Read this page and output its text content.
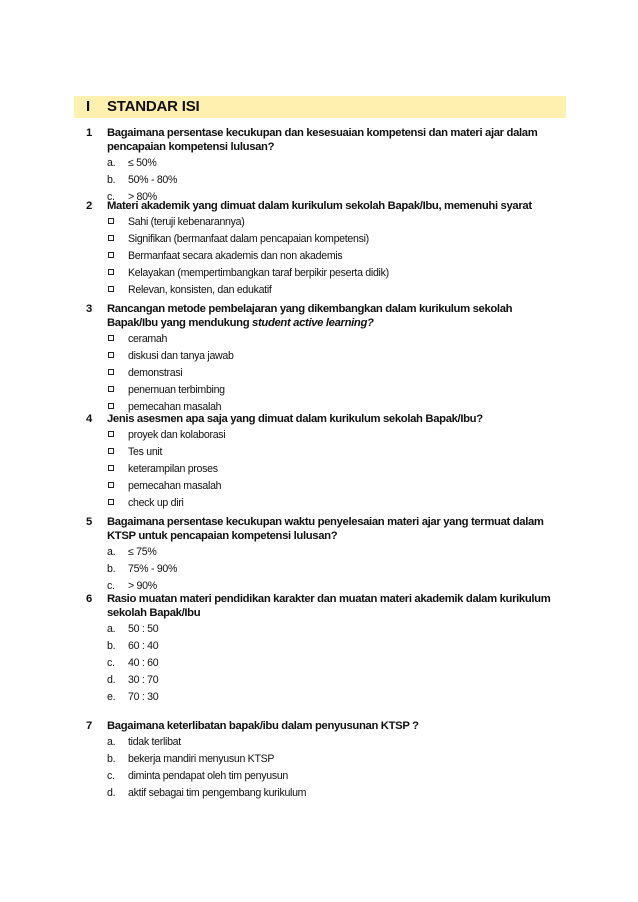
I STANDAR ISI
1 Bagaimana persentase kecukupan dan kesesuaian kompetensi dan materi ajar dalam pencapaian kompetensi lulusan?
a.	≤ 50%
b.	50% - 80%
c.	> 80%
2 Materi akademik yang dimuat dalam kurikulum sekolah Bapak/Ibu, memenuhi syarat
Sahi (teruji kebenarannya)
Signifikan (bermanfaat dalam pencapaian kompetensi)
Bermanfaat secara akademis dan non akademis
Kelayakan (mempertimbangkan taraf berpikir peserta didik)
Relevan, konsisten, dan edukatif
3 Rancangan metode pembelajaran yang dikembangkan dalam kurikulum sekolah Bapak/Ibu yang mendukung student active learning?
ceramah
diskusi dan tanya jawab
demonstrasi
penemuan terbimbing
pemecahan masalah
4 Jenis asesmen apa saja yang dimuat dalam kurikulum sekolah Bapak/Ibu?
proyek dan kolaborasi
Tes unit
keterampilan proses
pemecahan masalah
check up diri
5 Bagaimana persentase kecukupan waktu penyelesaian materi ajar yang termuat dalam KTSP untuk pencapaian kompetensi lulusan?
a.	≤ 75%
b.	75% - 90%
c.	> 90%
6 Rasio muatan materi pendidikan karakter dan muatan materi akademik dalam kurikulum sekolah Bapak/Ibu
a.	50 : 50
b.	60 : 40
c.	40 : 60
d.	30 : 70
e.	70 : 30
7 Bagaimana keterlibatan bapak/ibu dalam penyusunan KTSP ?
a.	tidak terlibat
b.	bekerja mandiri menyusun KTSP
c.	diminta pendapat oleh tim penyusun
d.	aktif sebagai tim pengembang kurikulum
